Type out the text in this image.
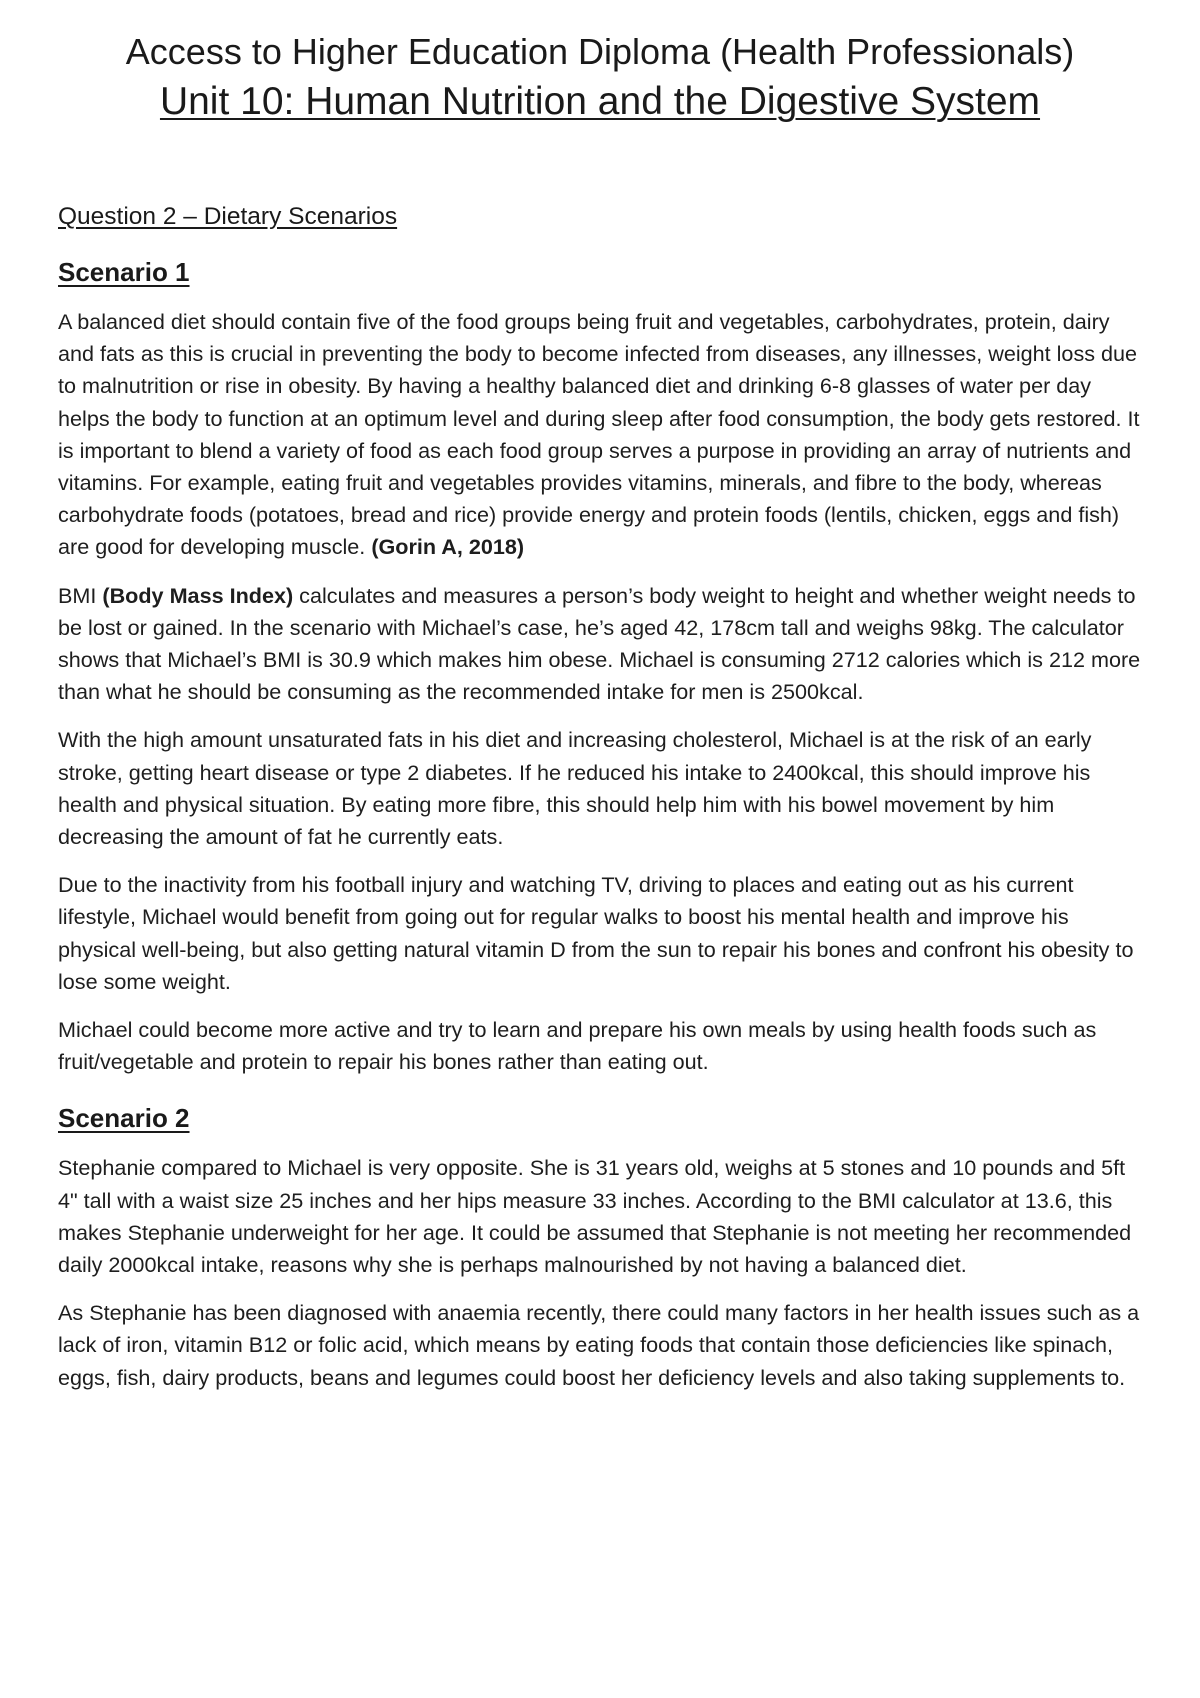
Access to Higher Education Diploma (Health Professionals)
Unit 10: Human Nutrition and the Digestive System
Question 2 – Dietary Scenarios
Scenario 1

A balanced diet should contain five of the food groups being fruit and vegetables, carbohydrates, protein, dairy and fats as this is crucial in preventing the body to become infected from diseases, any illnesses, weight loss due to malnutrition or rise in obesity. By having a healthy balanced diet and drinking 6-8 glasses of water per day helps the body to function at an optimum level and during sleep after food consumption, the body gets restored. It is important to blend a variety of food as each food group serves a purpose in providing an array of nutrients and vitamins. For example, eating fruit and vegetables provides vitamins, minerals, and fibre to the body, whereas carbohydrate foods (potatoes, bread and rice) provide energy and protein foods (lentils, chicken, eggs and fish) are good for developing muscle. (Gorin A, 2018)

BMI (Body Mass Index) calculates and measures a person’s body weight to height and whether weight needs to be lost or gained. In the scenario with Michael’s case, he’s aged 42, 178cm tall and weighs 98kg. The calculator shows that Michael’s BMI is 30.9 which makes him obese. Michael is consuming 2712 calories which is 212 more than what he should be consuming as the recommended intake for men is 2500kcal.

With the high amount unsaturated fats in his diet and increasing cholesterol, Michael is at the risk of an early stroke, getting heart disease or type 2 diabetes. If he reduced his intake to 2400kcal, this should improve his health and physical situation. By eating more fibre, this should help him with his bowel movement by him decreasing the amount of fat he currently eats.

Due to the inactivity from his football injury and watching TV, driving to places and eating out as his current lifestyle, Michael would benefit from going out for regular walks to boost his mental health and improve his physical well-being, but also getting natural vitamin D from the sun to repair his bones and confront his obesity to lose some weight.

Michael could become more active and try to learn and prepare his own meals by using health foods such as fruit/vegetable and protein to repair his bones rather than eating out.

Scenario 2

Stephanie compared to Michael is very opposite. She is 31 years old, weighs at 5 stones and 10 pounds and 5ft 4" tall with a waist size 25 inches and her hips measure 33 inches. According to the BMI calculator at 13.6, this makes Stephanie underweight for her age. It could be assumed that Stephanie is not meeting her recommended daily 2000kcal intake, reasons why she is perhaps malnourished by not having a balanced diet.

As Stephanie has been diagnosed with anaemia recently, there could many factors in her health issues such as a lack of iron, vitamin B12 or folic acid, which means by eating foods that contain those deficiencies like spinach, eggs, fish, dairy products, beans and legumes could boost her deficiency levels and also taking supplements to.
